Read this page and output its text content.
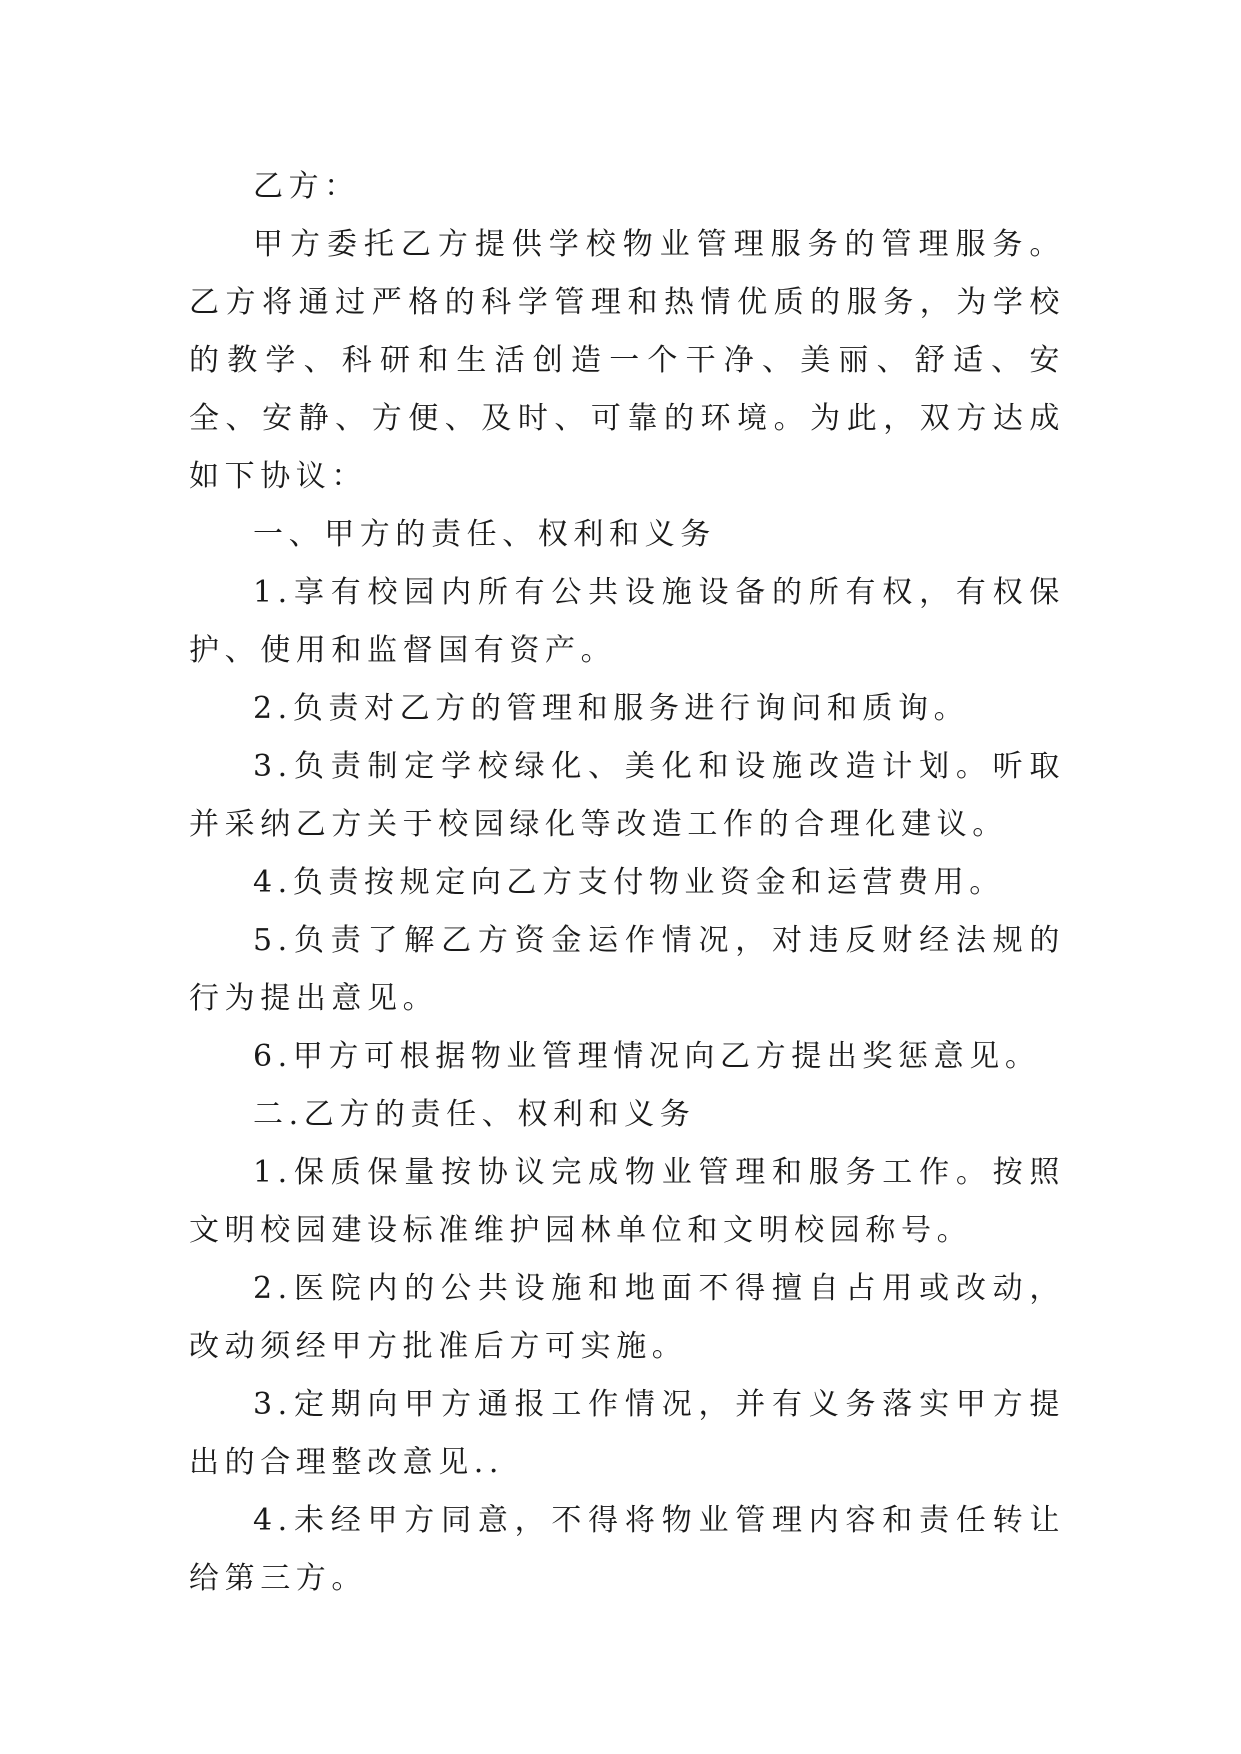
乙方：

甲方委托乙方提供学校物业管理服务的管理服务。乙方将通过严格的科学管理和热情优质的服务，为学校的教学、科研和生活创造一个干净、美丽、舒适、安全、安静、方便、及时、可靠的环境。为此，双方达成如下协议：

一、甲方的责任、权利和义务

1.享有校园内所有公共设施设备的所有权，有权保护、使用和监督国有资产。

2.负责对乙方的管理和服务进行询问和质询。

3.负责制定学校绿化、美化和设施改造计划。听取并采纳乙方关于校园绿化等改造工作的合理化建议。

4.负责按规定向乙方支付物业资金和运营费用。

5.负责了解乙方资金运作情况，对违反财经法规的行为提出意见。

6.甲方可根据物业管理情况向乙方提出奖惩意见。

二.乙方的责任、权利和义务

1.保质保量按协议完成物业管理和服务工作。按照文明校园建设标准维护园林单位和文明校园称号。

2.医院内的公共设施和地面不得擅自占用或改动，改动须经甲方批准后方可实施。

3.定期向甲方通报工作情况，并有义务落实甲方提出的合理整改意见..

4.未经甲方同意，不得将物业管理内容和责任转让给第三方。
